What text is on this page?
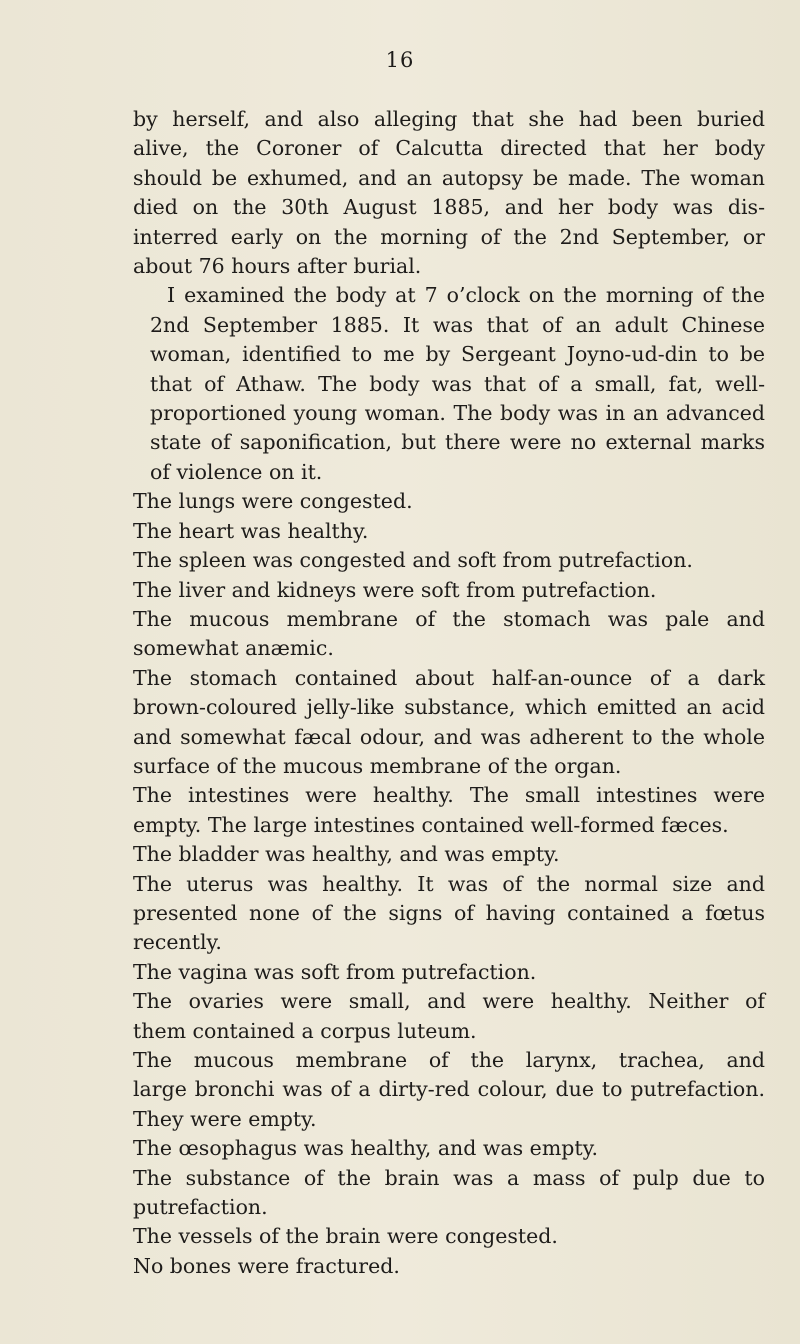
16

by herself, and also alleging that she had been buried
alive, the Coroner of Calcutta directed that her body
should be exhumed, and an autopsy be made. The woman
died on the 30th August 1885, and her body was dis-
interred early on the morning of the 2nd September, or
about 76 hours after burial.

I examined the body at 7 o’clock on the morning of the
2nd September 1885. It was that of an adult Chinese
woman, identified to me by Sergeant Joyno-ud-din to be
that of Athaw. The body was that of a small, fat, well-
proportioned young woman. The body was in an advanced
state of saponification, but there were no external marks
of violence on it.

The lungs were congested.

The heart was healthy.

The spleen was congested and soft from putrefaction.

The liver and kidneys were soft from putrefaction.

The mucous membrane of the stomach was pale and
somewhat anæmic.

The stomach contained about half-an-ounce of a dark
brown-coloured jelly-like substance, which emitted an acid
and somewhat fæcal odour, and was adherent to the whole
surface of the mucous membrane of the organ.

The intestines were healthy. The small intestines were
empty. The large intestines contained well-formed fæces.

The bladder was healthy, and was empty.

The uterus was healthy. It was of the normal size and
presented none of the signs of having contained a fœtus
recently.

The vagina was soft from putrefaction.

The ovaries were small, and were healthy. Neither of
them contained a corpus luteum.

The mucous membrane of the larynx, trachea, and
large bronchi was of a dirty-red colour, due to putrefaction.
They were empty.

The œsophagus was healthy, and was empty.

The substance of the brain was a mass of pulp due to
putrefaction.

The vessels of the brain were congested.

No bones were fractured.
